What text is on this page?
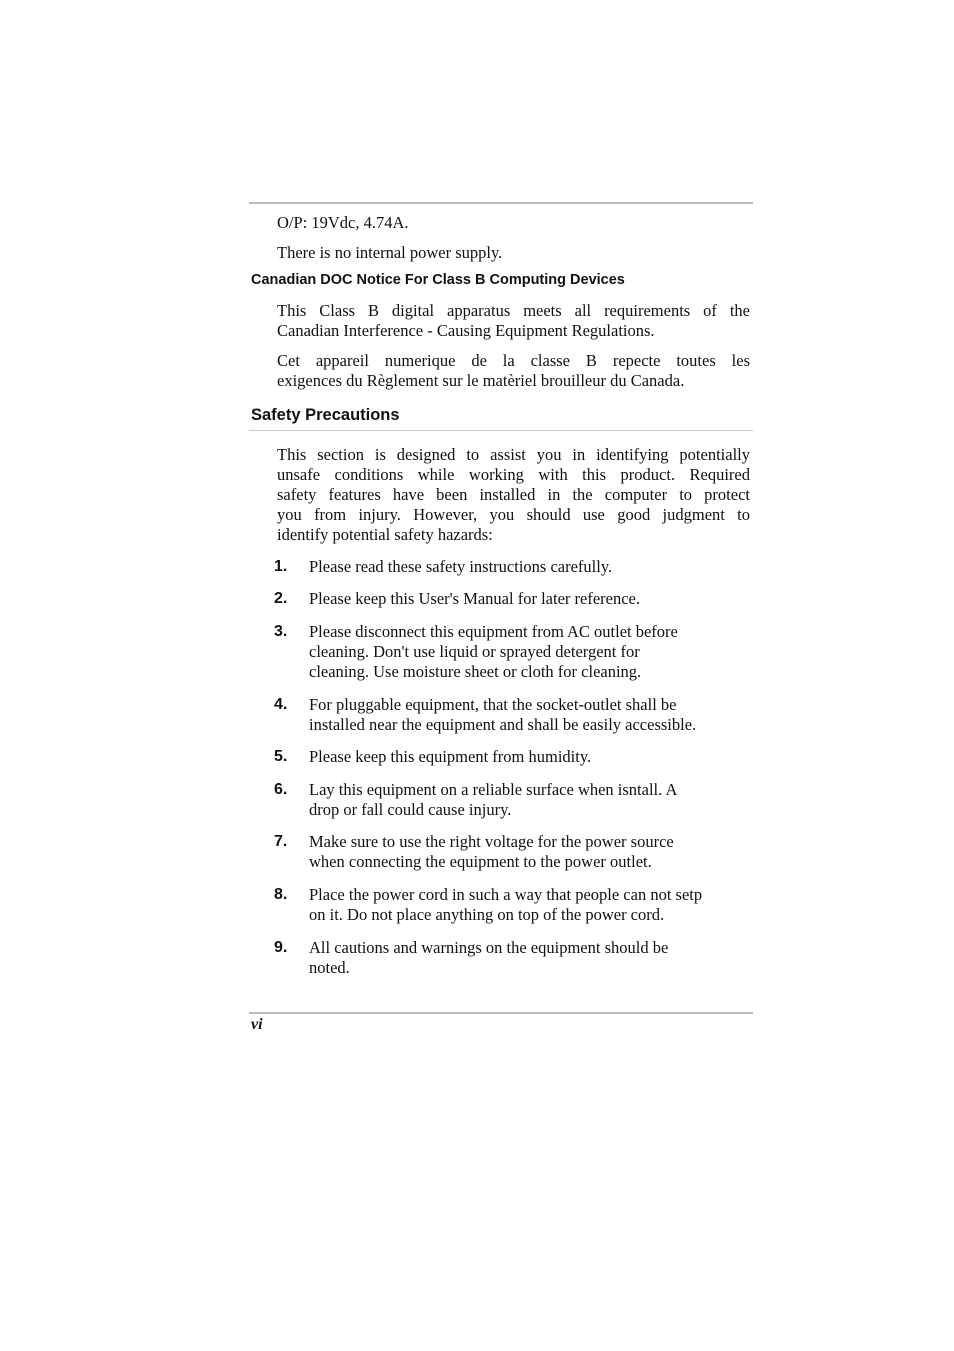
O/P: 19Vdc, 4.74A.

There is no internal power supply.

Canadian DOC Notice For Class B Computing Devices

This Class B digital apparatus meets all requirements of the
Canadian Interference - Causing Equipment Regulations.

Cet appareil numerique de la classe B repecte toutes les
exigences du Règlement sur le matèriel brouilleur du Canada.

Safety Precautions

This section is designed to assist you in identifying potentially
unsafe conditions while working with this product. Required
safety features have been installed in the computer to protect
you from injury. However, you should use good judgment to
identify potential safety hazards:

1. Please read these safety instructions carefully.

2. Please keep this User's Manual for later reference.

3. Please disconnect this equipment from AC outlet before
cleaning. Don't use liquid or sprayed detergent for
cleaning. Use moisture sheet or cloth for cleaning.

4. For pluggable equipment, that the socket-outlet shall be
installed near the equipment and shall be easily accessible.

5. Please keep this equipment from humidity.

6. Lay this equipment on a reliable surface when isntall. A
drop or fall could cause injury.

7. Make sure to use the right voltage for the power source
when connecting the equipment to the power outlet.

8. Place the power cord in such a way that people can not setp
on it. Do not place anything on top of the power cord.

9. All cautions and warnings on the equipment should be
noted.

vi
